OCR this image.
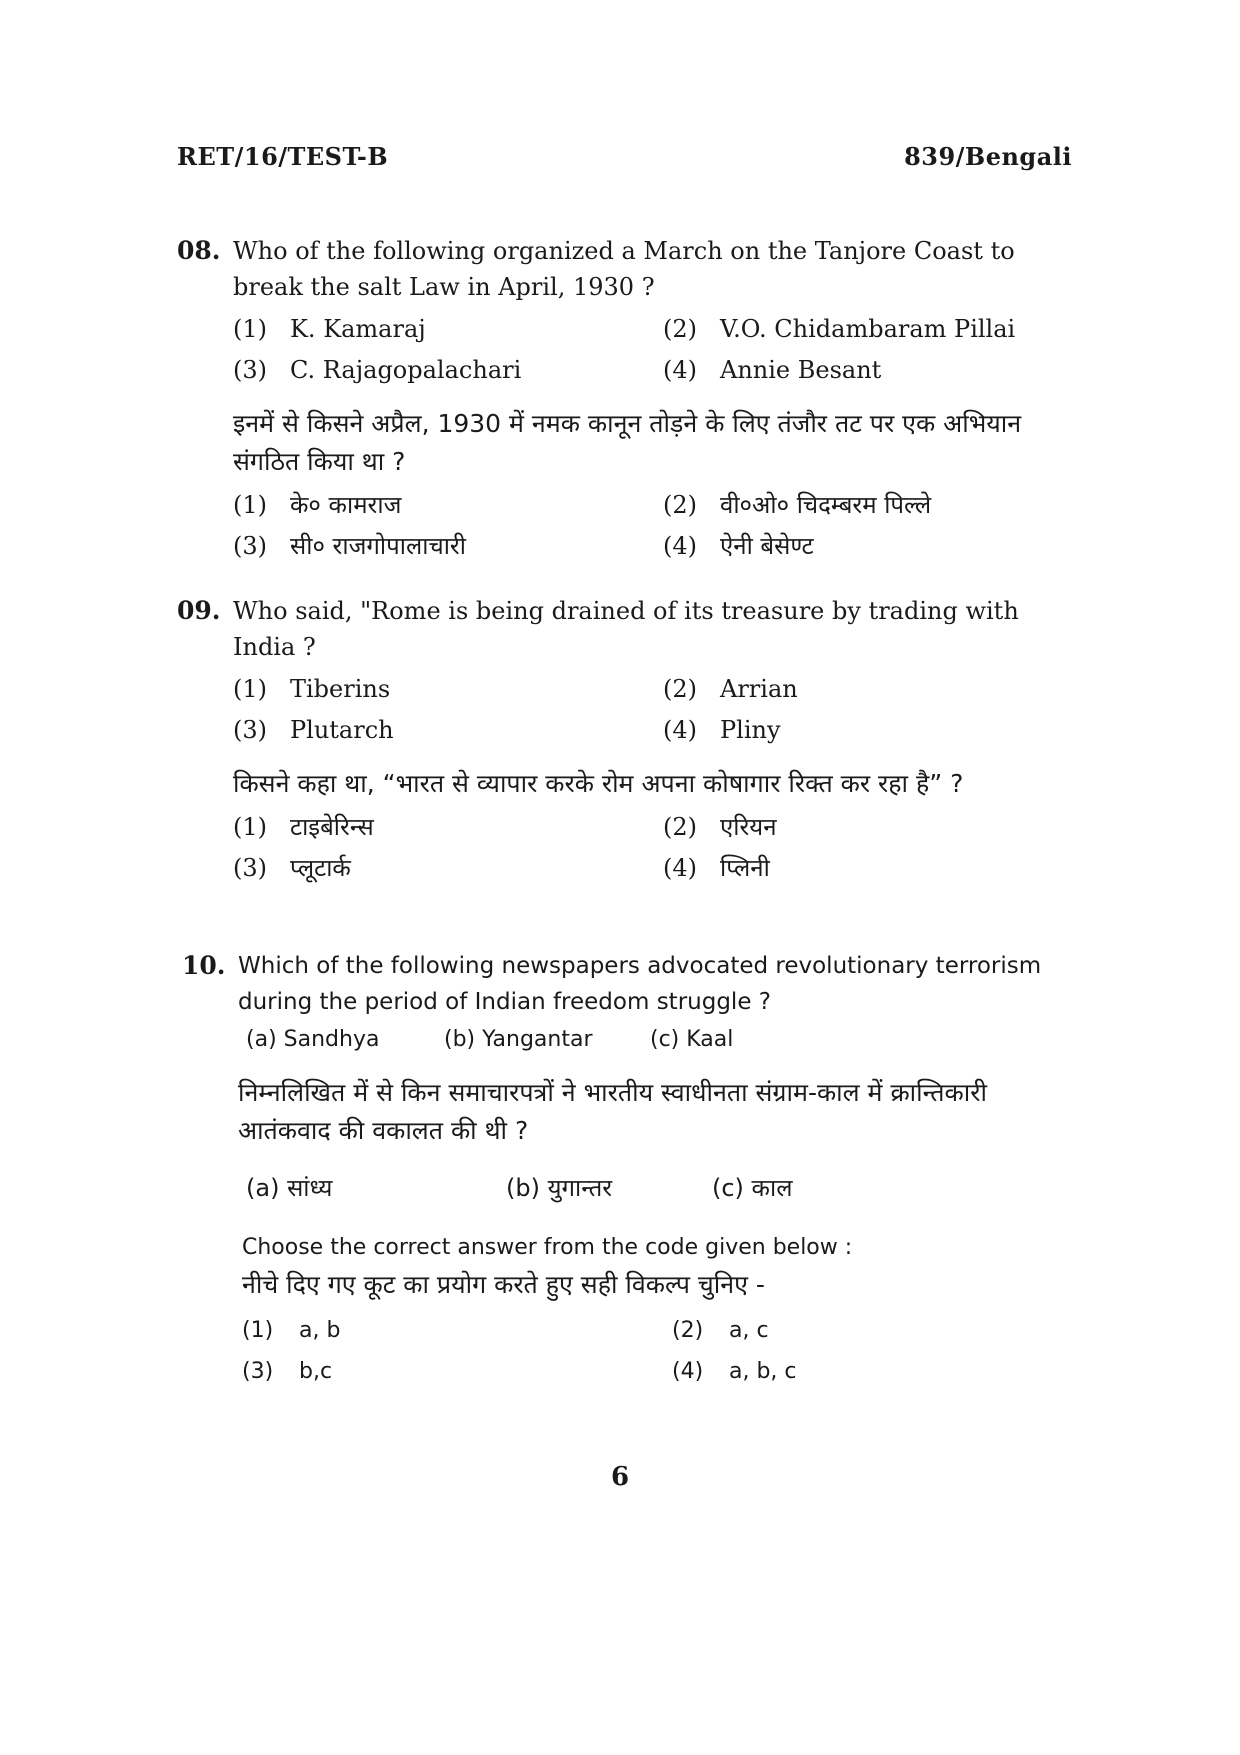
RET/16/TEST-B	839/Bengali
08. Who of the following organized a March on the Tanjore Coast to break the salt Law in April, 1930 ?
(1) K. Kamaraj	(2) V.O. Chidambaram Pillai
(3) C. Rajagopalachari	(4) Annie Besant
इनमें से किसने अप्रैल, 1930 में नमक कानून तोड़ने के लिए तंजौर तट पर एक अभियान संगठित किया था ?
(1) के० कामराज	(2) वी०ओ० चिदम्बरम पिल्ले
(3) सी० राजगोपालाचारी	(4) ऐनी बेसेण्ट
09. Who said, "Rome is being drained of its treasure by trading with India ?
(1) Tiberins	(2) Arrian
(3) Plutarch	(4) Pliny
किसने कहा था, “भारत से व्यापार करके रोम अपना कोषागार रिक्त कर रहा है” ?
(1) टाइबेरिन्स	(2) एरियन
(3) प्लूटार्क	(4) प्लिनी
10. Which of the following newspapers advocated revolutionary terrorism during the period of Indian freedom struggle ?
(a) Sandhya	(b) Yangantar	(c) Kaal
निम्नलिखित में से किन समाचारपत्रों ने भारतीय स्वाधीनता संग्राम-काल में क्रान्तिकारी आतंकवाद की वकालत की थी ?
(a) सांध्य	(b) युगान्तर	(c) काल
Choose the correct answer from the code given below :
नीचे दिए गए कूट का प्रयोग करते हुए सही विकल्प चुनिए -
(1)	a, b	(2)	a, c
(3)	b,c	(4)	a, b, c
6
